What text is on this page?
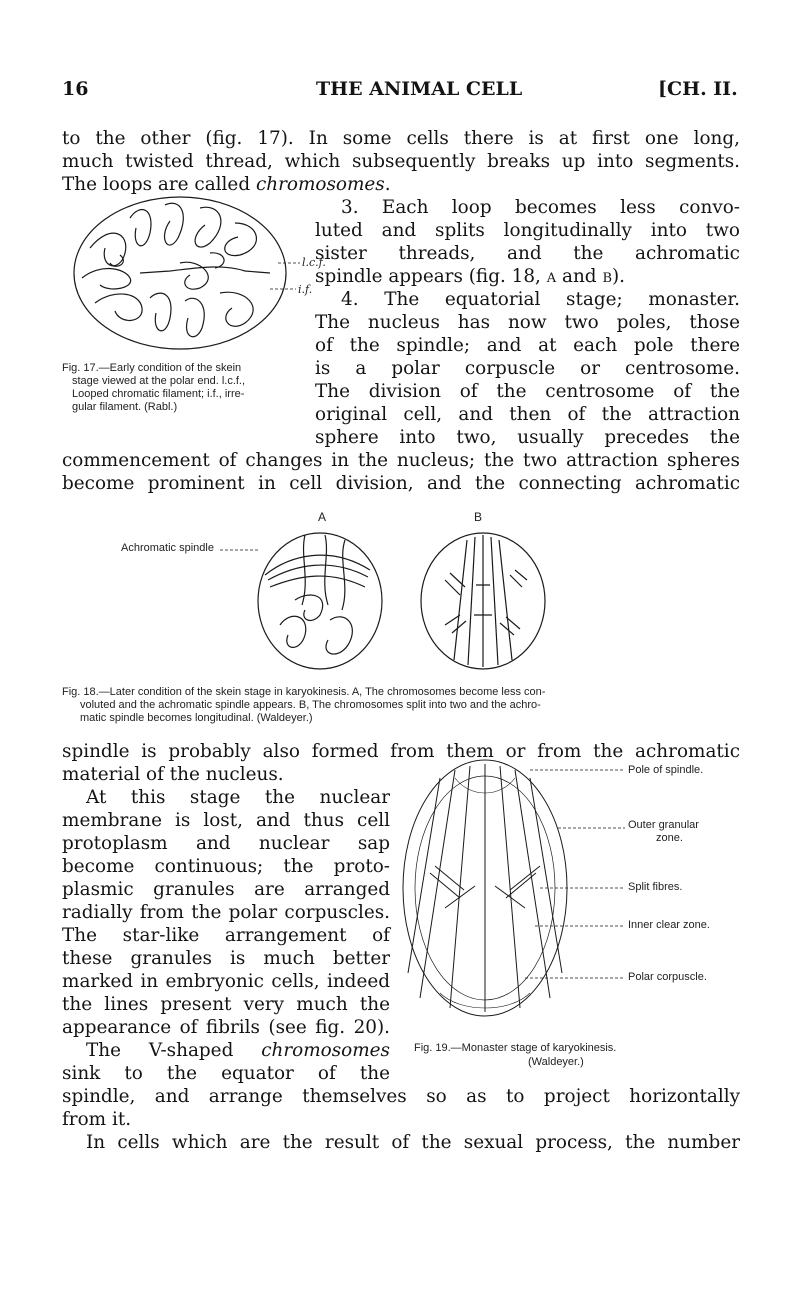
16	THE ANIMAL CELL	[CH. II.
to the other (fig. 17). In some cells there is at first one long,
much twisted thread, which subsequently breaks up into segments.
The loops are called chromosomes.
3. Each loop becomes less convo-
luted and splits longitudinally into two
sister threads, and the achromatic
spindle appears (fig. 18, a and b).
4. The equatorial stage; monaster.
The nucleus has now two poles, those
of the spindle; and at each pole there
is a polar corpuscle or centrosome.
The division of the centrosome of the
original cell, and then of the attraction
sphere into two, usually precedes the
l.c.f.
i.f.
Fig. 17.—Early condition of the skein
stage viewed at the polar end. l.c.f.,
Looped chromatic filament; i.f., irre-
gular filament. (Rabl.)
commencement of changes in the nucleus; the two attraction spheres
become prominent in cell division, and the connecting achromatic
A	B
Achromatic spindle
Fig. 18.—Later condition of the skein stage in karyokinesis. A, The chromosomes become less con-
voluted and the achromatic spindle appears. B, The chromosomes split into two and the achro-
matic spindle becomes longitudinal. (Waldeyer.)
spindle is probably also formed from them or from the achromatic
material of the nucleus.
At this stage the nuclear
membrane is lost, and thus cell
protoplasm and nuclear sap
become continuous; the proto-
plasmic granules are arranged
radially from the polar corpuscles.
The star-like arrangement of
these granules is much better
marked in embryonic cells, indeed
the lines present very much the
appearance of fibrils (see fig. 20).
The V-shaped chromosomes
sink to the equator of the
Pole of spindle.
Outer granular
zone.
Split fibres.
Inner clear zone.
Polar corpuscle.
Fig. 19.—Monaster stage of karyokinesis.
(Waldeyer.)
spindle, and arrange themselves so as to project horizontally
from it.
In cells which are the result of the sexual process, the number
